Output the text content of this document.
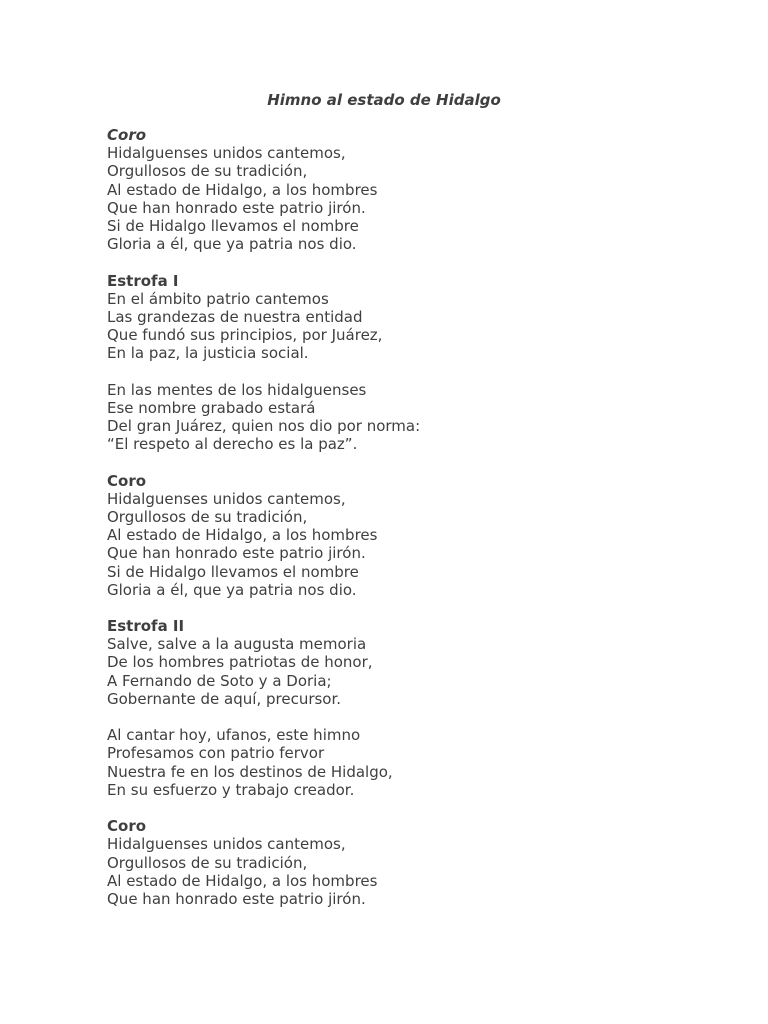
Himno al estado de Hidalgo
Coro
Hidalguenses unidos cantemos,
Orgullosos de su tradición,
Al estado de Hidalgo, a los hombres
Que han honrado este patrio jirón.
Si de Hidalgo llevamos el nombre
Gloria a él, que ya patria nos dio.
Estrofa I
En el ámbito patrio cantemos
Las grandezas de nuestra entidad
Que fundó sus principios, por Juárez,
En la paz, la justicia social.
En las mentes de los hidalguenses
Ese nombre grabado estará
Del gran Juárez, quien nos dio por norma:
“El respeto al derecho es la paz”.
Coro
Hidalguenses unidos cantemos,
Orgullosos de su tradición,
Al estado de Hidalgo, a los hombres
Que han honrado este patrio jirón.
Si de Hidalgo llevamos el nombre
Gloria a él, que ya patria nos dio.
Estrofa II
Salve, salve a la augusta memoria
De los hombres patriotas de honor,
A Fernando de Soto y a Doria;
Gobernante de aquí, precursor.
Al cantar hoy, ufanos, este himno
Profesamos con patrio fervor
Nuestra fe en los destinos de Hidalgo,
En su esfuerzo y trabajo creador.
Coro
Hidalguenses unidos cantemos,
Orgullosos de su tradición,
Al estado de Hidalgo, a los hombres
Que han honrado este patrio jirón.
